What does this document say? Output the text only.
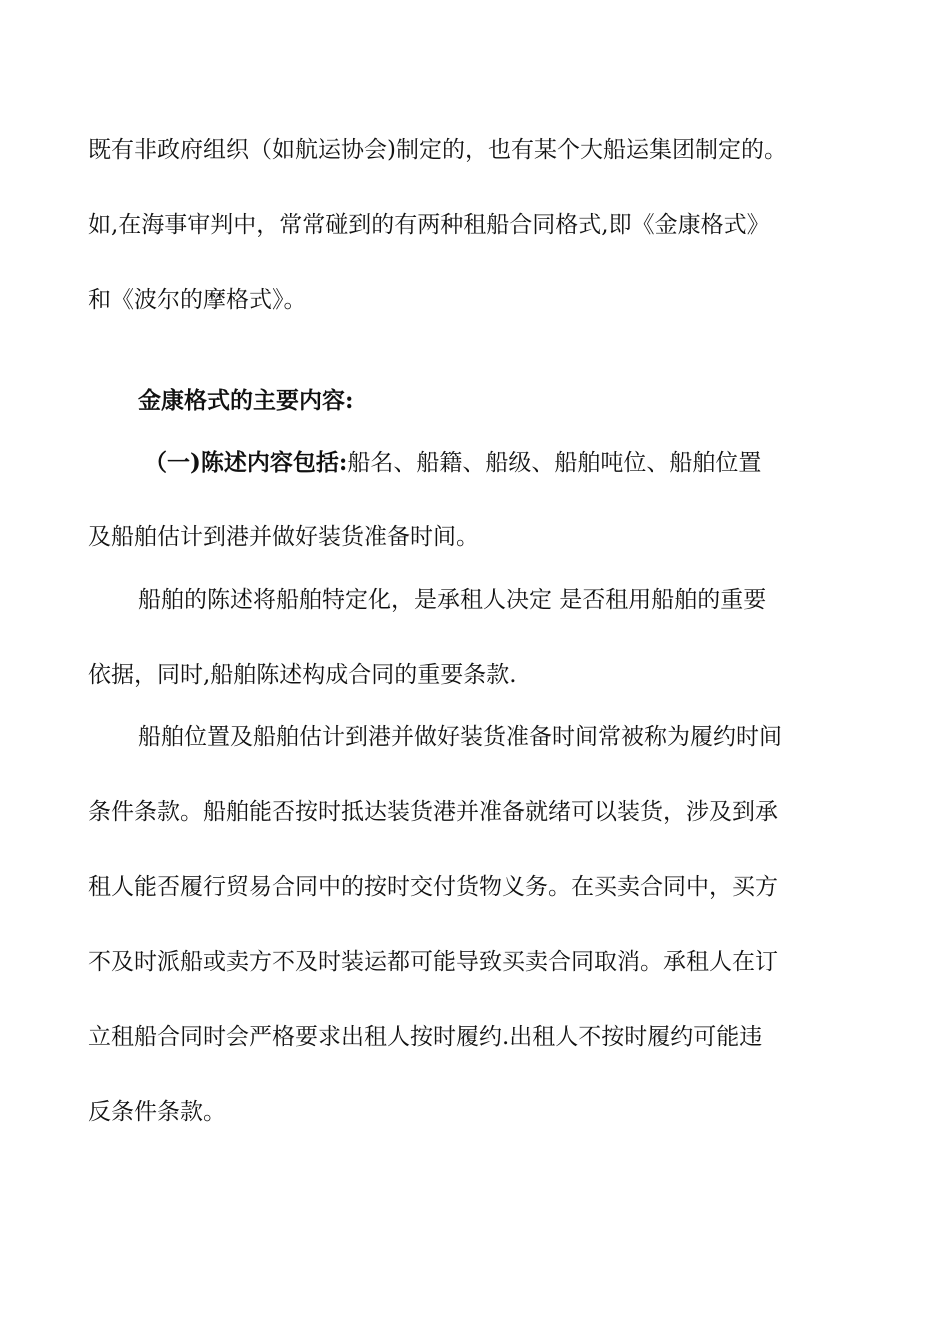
既有非政府组织（如航运协会)制定的，也有某个大船运集团制定的。
如,在海事审判中，常常碰到的有两种租船合同格式,即《金康格式》
和《波尔的摩格式》。
金康格式的主要内容:
（一)陈述内容包括:船名、船籍、船级、船舶吨位、船舶位置
及船舶估计到港并做好装货准备时间。
船舶的陈述将船舶特定化，是承租人决定 是否租用船舶的重要
依据，同时,船舶陈述构成合同的重要条款.
船舶位置及船舶估计到港并做好装货准备时间常被称为履约时间
条件条款。船舶能否按时抵达装货港并准备就绪可以装货，涉及到承
租人能否履行贸易合同中的按时交付货物义务。在买卖合同中，买方
不及时派船或卖方不及时装运都可能导致买卖合同取消。承租人在订
立租船合同时会严格要求出租人按时履约.出租人不按时履约可能违
反条件条款。
